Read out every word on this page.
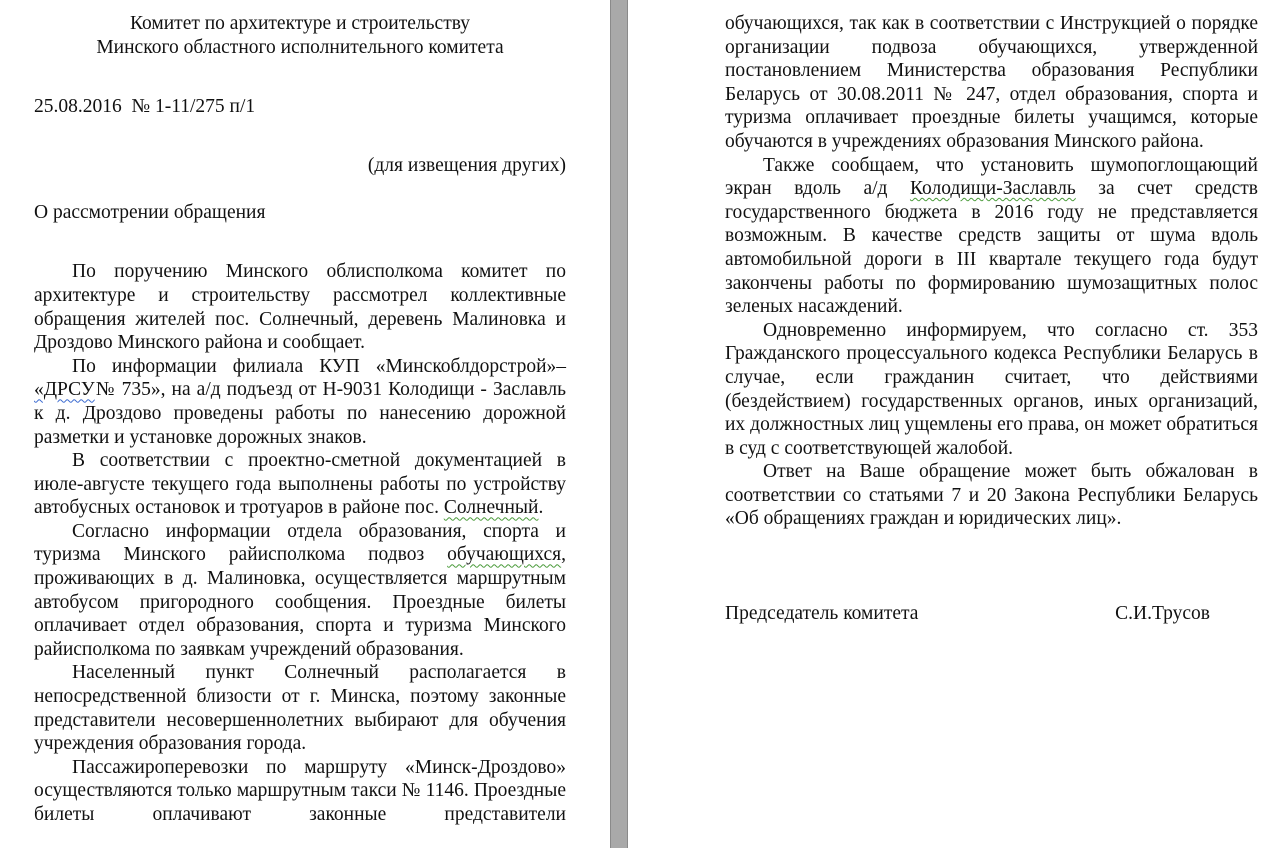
Комитет по архитектуре и строительству

Минского областного исполнительного комитета

25.08.2016  № 1-11/275 п/1

(для извещения других)

О рассмотрении обращения

По поручению Минского облисполкома комитет по архитектуре и строительству рассмотрел коллективные обращения жителей пос. Солнечный, деревень Малиновка и Дроздово Минского района и сообщает.

По информации филиала КУП «Минскоблдорстрой»– «ДРСУ№ 735», на а/д подъезд от Н-9031 Колодищи - Заславль к д. Дроздово проведены работы по нанесению дорожной разметки и установке дорожных знаков.

В соответствии с проектно-сметной документацией в июле-августе текущего года выполнены работы по устройству автобусных остановок и тротуаров в районе пос. Солнечный.

Согласно информации отдела образования, спорта и туризма Минского райисполкома подвоз обучающихся, проживающих в д. Малиновка, осуществляется маршрутным автобусом пригородного сообщения. Проездные билеты оплачивает отдел образования, спорта и туризма Минского райисполкома по заявкам учреждений образования.

Населенный пункт Солнечный располагается в непосредственной близости от г. Минска, поэтому законные представители несовершеннолетних выбирают для обучения учреждения образования города.

Пассажироперевозки по маршруту «Минск-Дроздово» осуществляются только маршрутным такси № 1146. Проездные билеты оплачивают законные представители

обучающихся, так как в соответствии с Инструкцией о порядке организации подвоза обучающихся, утвержденной постановлением Министерства образования Республики Беларусь от 30.08.2011 № 247, отдел образования, спорта и туризма оплачивает проездные билеты учащимся, которые обучаются в учреждениях образования Минского района.

Также сообщаем, что установить шумопоглощающий экран вдоль а/д Колодищи-Заславль за счет средств государственного бюджета в 2016 году не представляется возможным. В качестве средств защиты от шума вдоль автомобильной дороги в III квартале текущего года будут закончены работы по формированию шумозащитных полос зеленых насаждений.

Одновременно информируем, что согласно ст. 353 Гражданского процессуального кодекса Республики Беларусь в случае, если гражданин считает, что действиями (бездействием) государственных органов, иных организаций, их должностных лиц ущемлены его права, он может обратиться в суд с соответствующей жалобой.

Ответ на Ваше обращение может быть обжалован в соответствии со статьями 7 и 20 Закона Республики Беларусь «Об обращениях граждан и юридических лиц».

Председатель комитета	С.И.Трусов
